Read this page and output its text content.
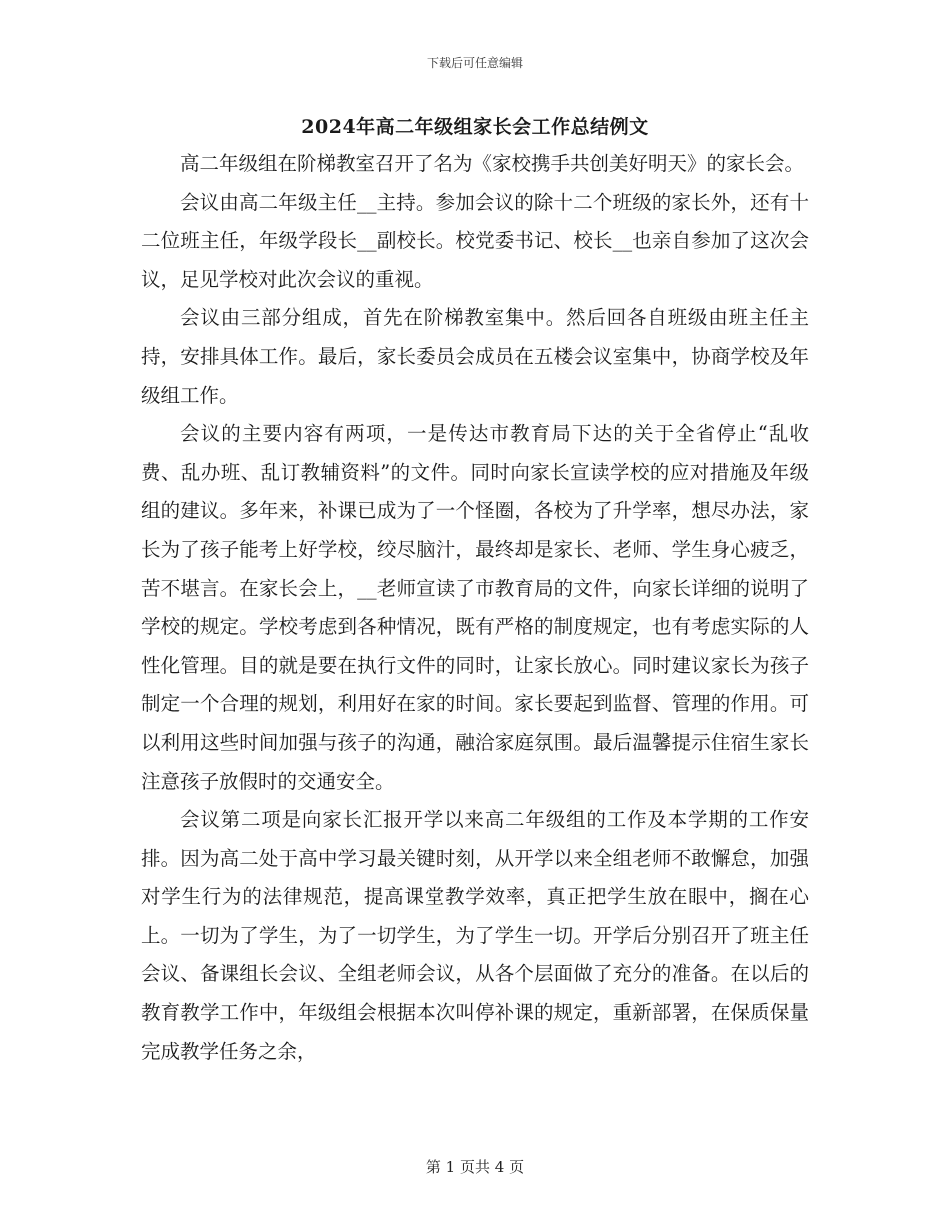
下载后可任意编辑
2024年高二年级组家长会工作总结例文

高二年级组在阶梯教室召开了名为《家校携手共创美好明天》的家长会。

会议由高二年级主任__主持。参加会议的除十二个班级的家长外，还有十二位班主任，年级学段长__副校长。校党委书记、校长__也亲自参加了这次会议，足见学校对此次会议的重视。

会议由三部分组成，首先在阶梯教室集中。然后回各自班级由班主任主持，安排具体工作。最后，家长委员会成员在五楼会议室集中，协商学校及年级组工作。

会议的主要内容有两项，一是传达市教育局下达的关于全省停止“乱收费、乱办班、乱订教辅资料”的文件。同时向家长宣读学校的应对措施及年级组的建议。多年来，补课已成为了一个怪圈，各校为了升学率，想尽办法，家长为了孩子能考上好学校，绞尽脑汁，最终却是家长、老师、学生身心疲乏，苦不堪言。在家长会上，__老师宣读了市教育局的文件，向家长详细的说明了学校的规定。学校考虑到各种情况，既有严格的制度规定，也有考虑实际的人性化管理。目的就是要在执行文件的同时，让家长放心。同时建议家长为孩子制定一个合理的规划，利用好在家的时间。家长要起到监督、管理的作用。可以利用这些时间加强与孩子的沟通，融洽家庭氛围。最后温馨提示住宿生家长注意孩子放假时的交通安全。

会议第二项是向家长汇报开学以来高二年级组的工作及本学期的工作安排。因为高二处于高中学习最关键时刻，从开学以来全组老师不敢懈怠，加强对学生行为的法律规范，提高课堂教学效率，真正把学生放在眼中，搁在心上。一切为了学生，为了一切学生，为了学生一切。开学后分别召开了班主任会议、备课组长会议、全组老师会议，从各个层面做了充分的准备。在以后的教育教学工作中，年级组会根据本次叫停补课的规定，重新部署，在保质保量完成教学任务之余，

第 1 页共 4 页
